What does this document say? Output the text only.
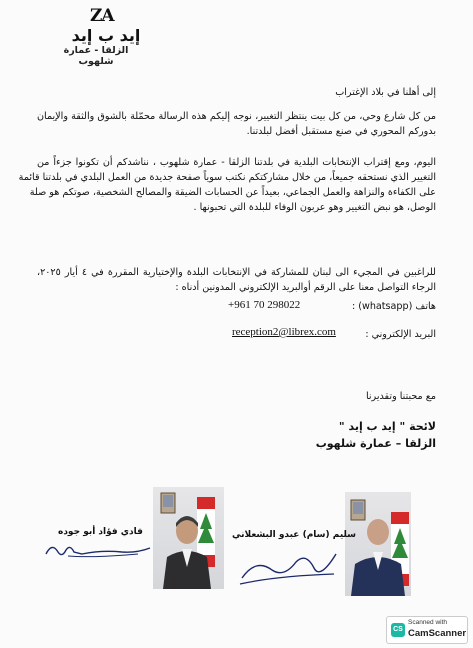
ZA
إيد ب إيد
الزلقا - عمارة شلهوب
إلى أهلنا في بلاد الإغتراب
من كل شارع وحي، من كل بيت ينتظر التغيير، نوجه إليكم هذه الرسالة محمّلة بالشوق والثقة والإيمان
بدوركم المحوري في صنع مستقبل أفضل لبلدتنا.
اليوم، ومع إقتراب الإنتخابات البلدية في بلدتنا الزلقا - عمارة شلهوب ، نناشدكم أن تكونوا جزءاً من
التغيير الذي نستحقه جميعاً، من خلال مشاركتكم نكتب سوياً صفحة جديدة من العمل البلدي في بلدتنا قائمة
على الكفاءة والنزاهة والعمل الجماعي، بعيداً عن الحسابات الضيقة والمصالح الشخصية، صوتكم هو صلة
الوصل، هو نبض التغيير وهو عربون الوفاء للبلدة التي تحبونها .
للراغبين في المجيء الى لبنان للمشاركة في الإنتخابات البلدة والإختيارية المقررة في ٤ أيار ٢٠٢٥،
الرجاء التواصل معنا على الرقم أوالبريد الإلكتروني المدونين أدناه :
هاتف (whatsapp) :
+961 70 298022
البريد الإلكتروني :
reception2@librex.com
مع محبتنا وتقديرنا
لائحة " إيد ب إيد "
الزلقا – عمارة شلهوب
فادي فؤاد أبو جوده	سليم (سام) عبدو البشعلاني
CS
Scanned with
CamScanner
